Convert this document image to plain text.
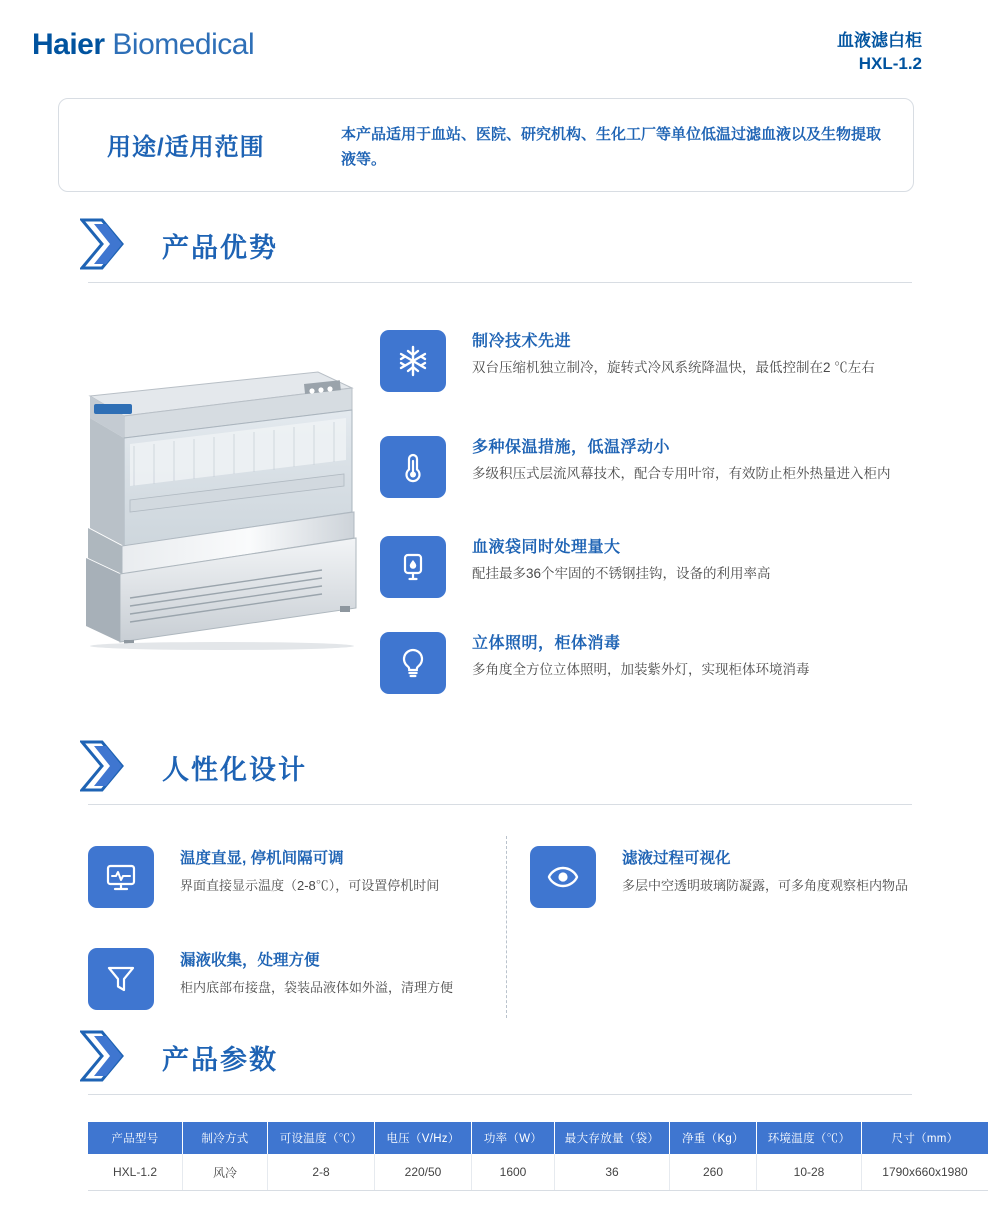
Haier Biomedical	血液滤白柜
HXL-1.2
用途/适用范围	本产品适用于血站、医院、研究机构、生化工厂等单位低温过滤血液以及生物提取液等。
产品优势
制冷技术先进
双台压缩机独立制冷，旋转式冷风系统降温快，最低控制在2 ℃左右
多种保温措施，低温浮动小
多级积压式层流风幕技术，配合专用叶帘，有效防止柜外热量进入柜内
血液袋同时处理量大
配挂最多36个牢固的不锈钢挂钩，设备的利用率高
立体照明，柜体消毒
多角度全方位立体照明，加装紫外灯，实现柜体环境消毒
人性化设计
温度直显, 停机间隔可调
界面直接显示温度（2-8℃），可设置停机时间
漏液收集，处理方便
柜内底部布接盘，袋装品液体如外溢，清理方便
滤液过程可视化
多层中空透明玻璃防凝露，可多角度观察柜内物品
产品参数
产品型号	制冷方式	可设温度（℃）	电压（V/Hz）	功率（W）	最大存放量（袋）	净重（Kg）	环境温度（℃）	尺寸（mm）
HXL-1.2	风冷	2-8	220/50	1600	36	260	10-28	1790x660x1980
